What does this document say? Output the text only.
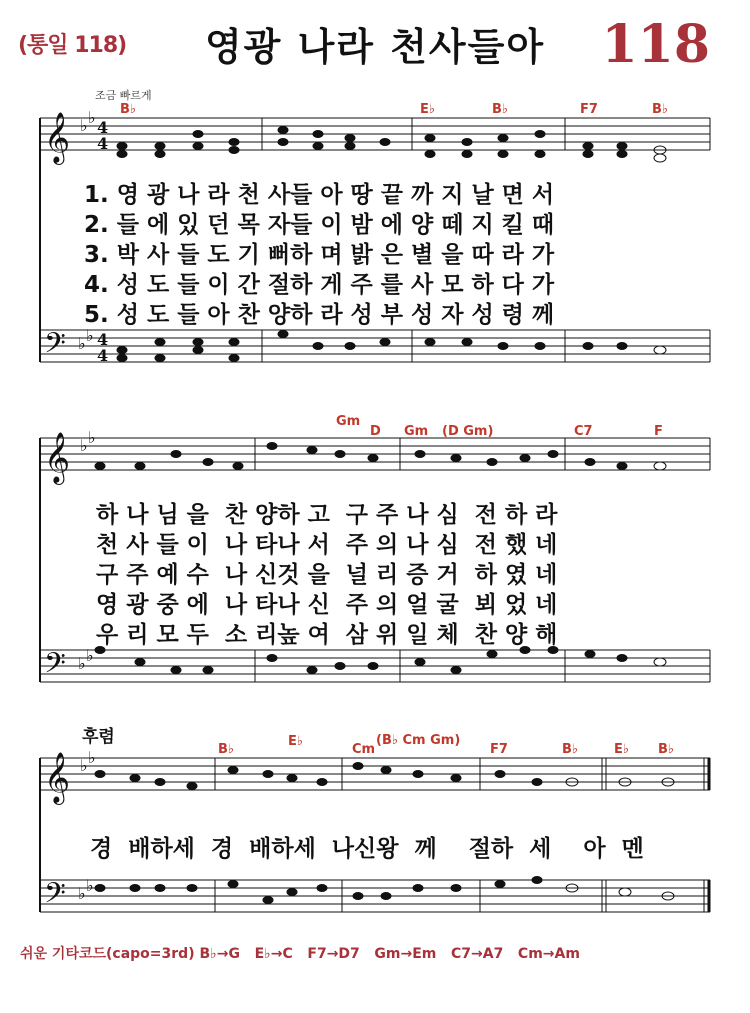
(통일 118)	영광 나라 천사들아	118
조금 빠르게
𝄞
𝄢
♭ ♭
♭ ♭
4
4
4
4
𝄞
𝄢
♭ ♭
♭ ♭
𝄞
𝄢
♭ ♭
♭ ♭
B♭	E♭	B♭	F7	B♭
1. 영 광 나 라 천 사들 아 땅 끝 까 지 날 면 서
2. 들 에 있 던 목 자들 이 밤 에 양 떼 지 킬 때
3. 박 사 들 도 기 뻐하 며 밝 은 별 을 따 라 가
4. 성 도 들 이 간 절하 게 주 를 사 모 하 다 가
5. 성 도 들 아 찬 양하 라 성 부 성 자 성 령 께
Gm
D Gm (D Gm)	C7	F
하 나 님 을  찬 양하 고  구 주 나 심  전 하 라
천 사 들 이  나 타나 서  주 의 나 심  전 했 네
구 주 예 수  나 신것 을  널 리 증 거  하 였 네
영 광 중 에  나 타나 신  주 의 얼 굴  뵈 었 네
우 리 모 두  소 리높 여  삼 위 일 체  찬 양 해
후렴
B♭
E♭
Cm
(B♭ Cm Gm)
F7	B♭	E♭ B♭
경  배하세  경  배하세  나신왕  께    절하  세    아  멘
쉬운 기타코드(capo=3rd) B♭→G   E♭→C   F7→D7   Gm→Em   C7→A7   Cm→Am
